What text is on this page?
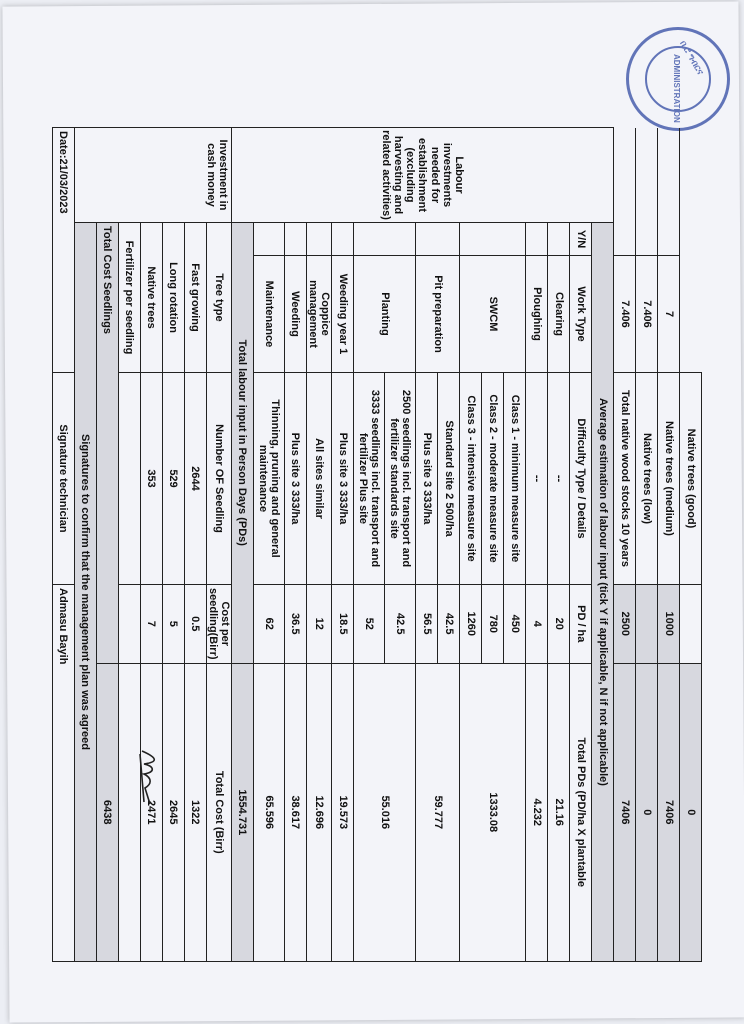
ቢሮ ግብርና
ADMINISTRATION
			Native trees (good)		0
		7	Native trees (medium)	1000	7406
		7.406	Native trees (low)		0
		7.406	Total native wood stocks 10 years	2500	7406
Labour investments needed for establishment (excluding harvesting and related activities)	Average estimation of labour input (tick Y if applicable, N if not applicable)				
	Y/N	Work Type	Difficulty Type / Details	PD / ha	Total PDs (PD/ha X plantable
		Clearing	--	20	21.16
		Ploughing	--	4	4.232
		SWCM	Class 1 - minimum measure site	450	1333.08
			Class 2 - moderate measure site	780	
			Class 3 - intensive measure site	1260	
		Pit preparation	Standard site 2 500/ha	42.5	59.777
			Plus site 3 333/ha	56.5	
		Planting	2500 seedlings incl. transport and fertilizer standards site	42.5	55.016
			3333 seedlings incl. transport and fertilizer Plus site	52	
		Weeding year 1	Plus site 3 333/ha	18.5	19.573
		Coppice management	All sites similar	12	12.696
		Weeding	Plus site 3 333/ha	36.5	38.617
		Maintenance	Thinning, pruning and general maintenance	62	65.596
	Total labour input in Person Days (PDs)				1554.731
Investment in cash money	Tree type		Number OF Seedling	Cost per seedling(Birr)	Total Cost (Birr)
	Fast growing		2644	0.5	1322
	Long rotation		529	5	2645
	Native trees		353	7	2471
	Fertilizer per seedling				
	Total Cost Seedlings				6438
	Signatures to confirm that the management plan was agreed				
Date:21/03/2023			Signature technician	Admasu Bayih	
